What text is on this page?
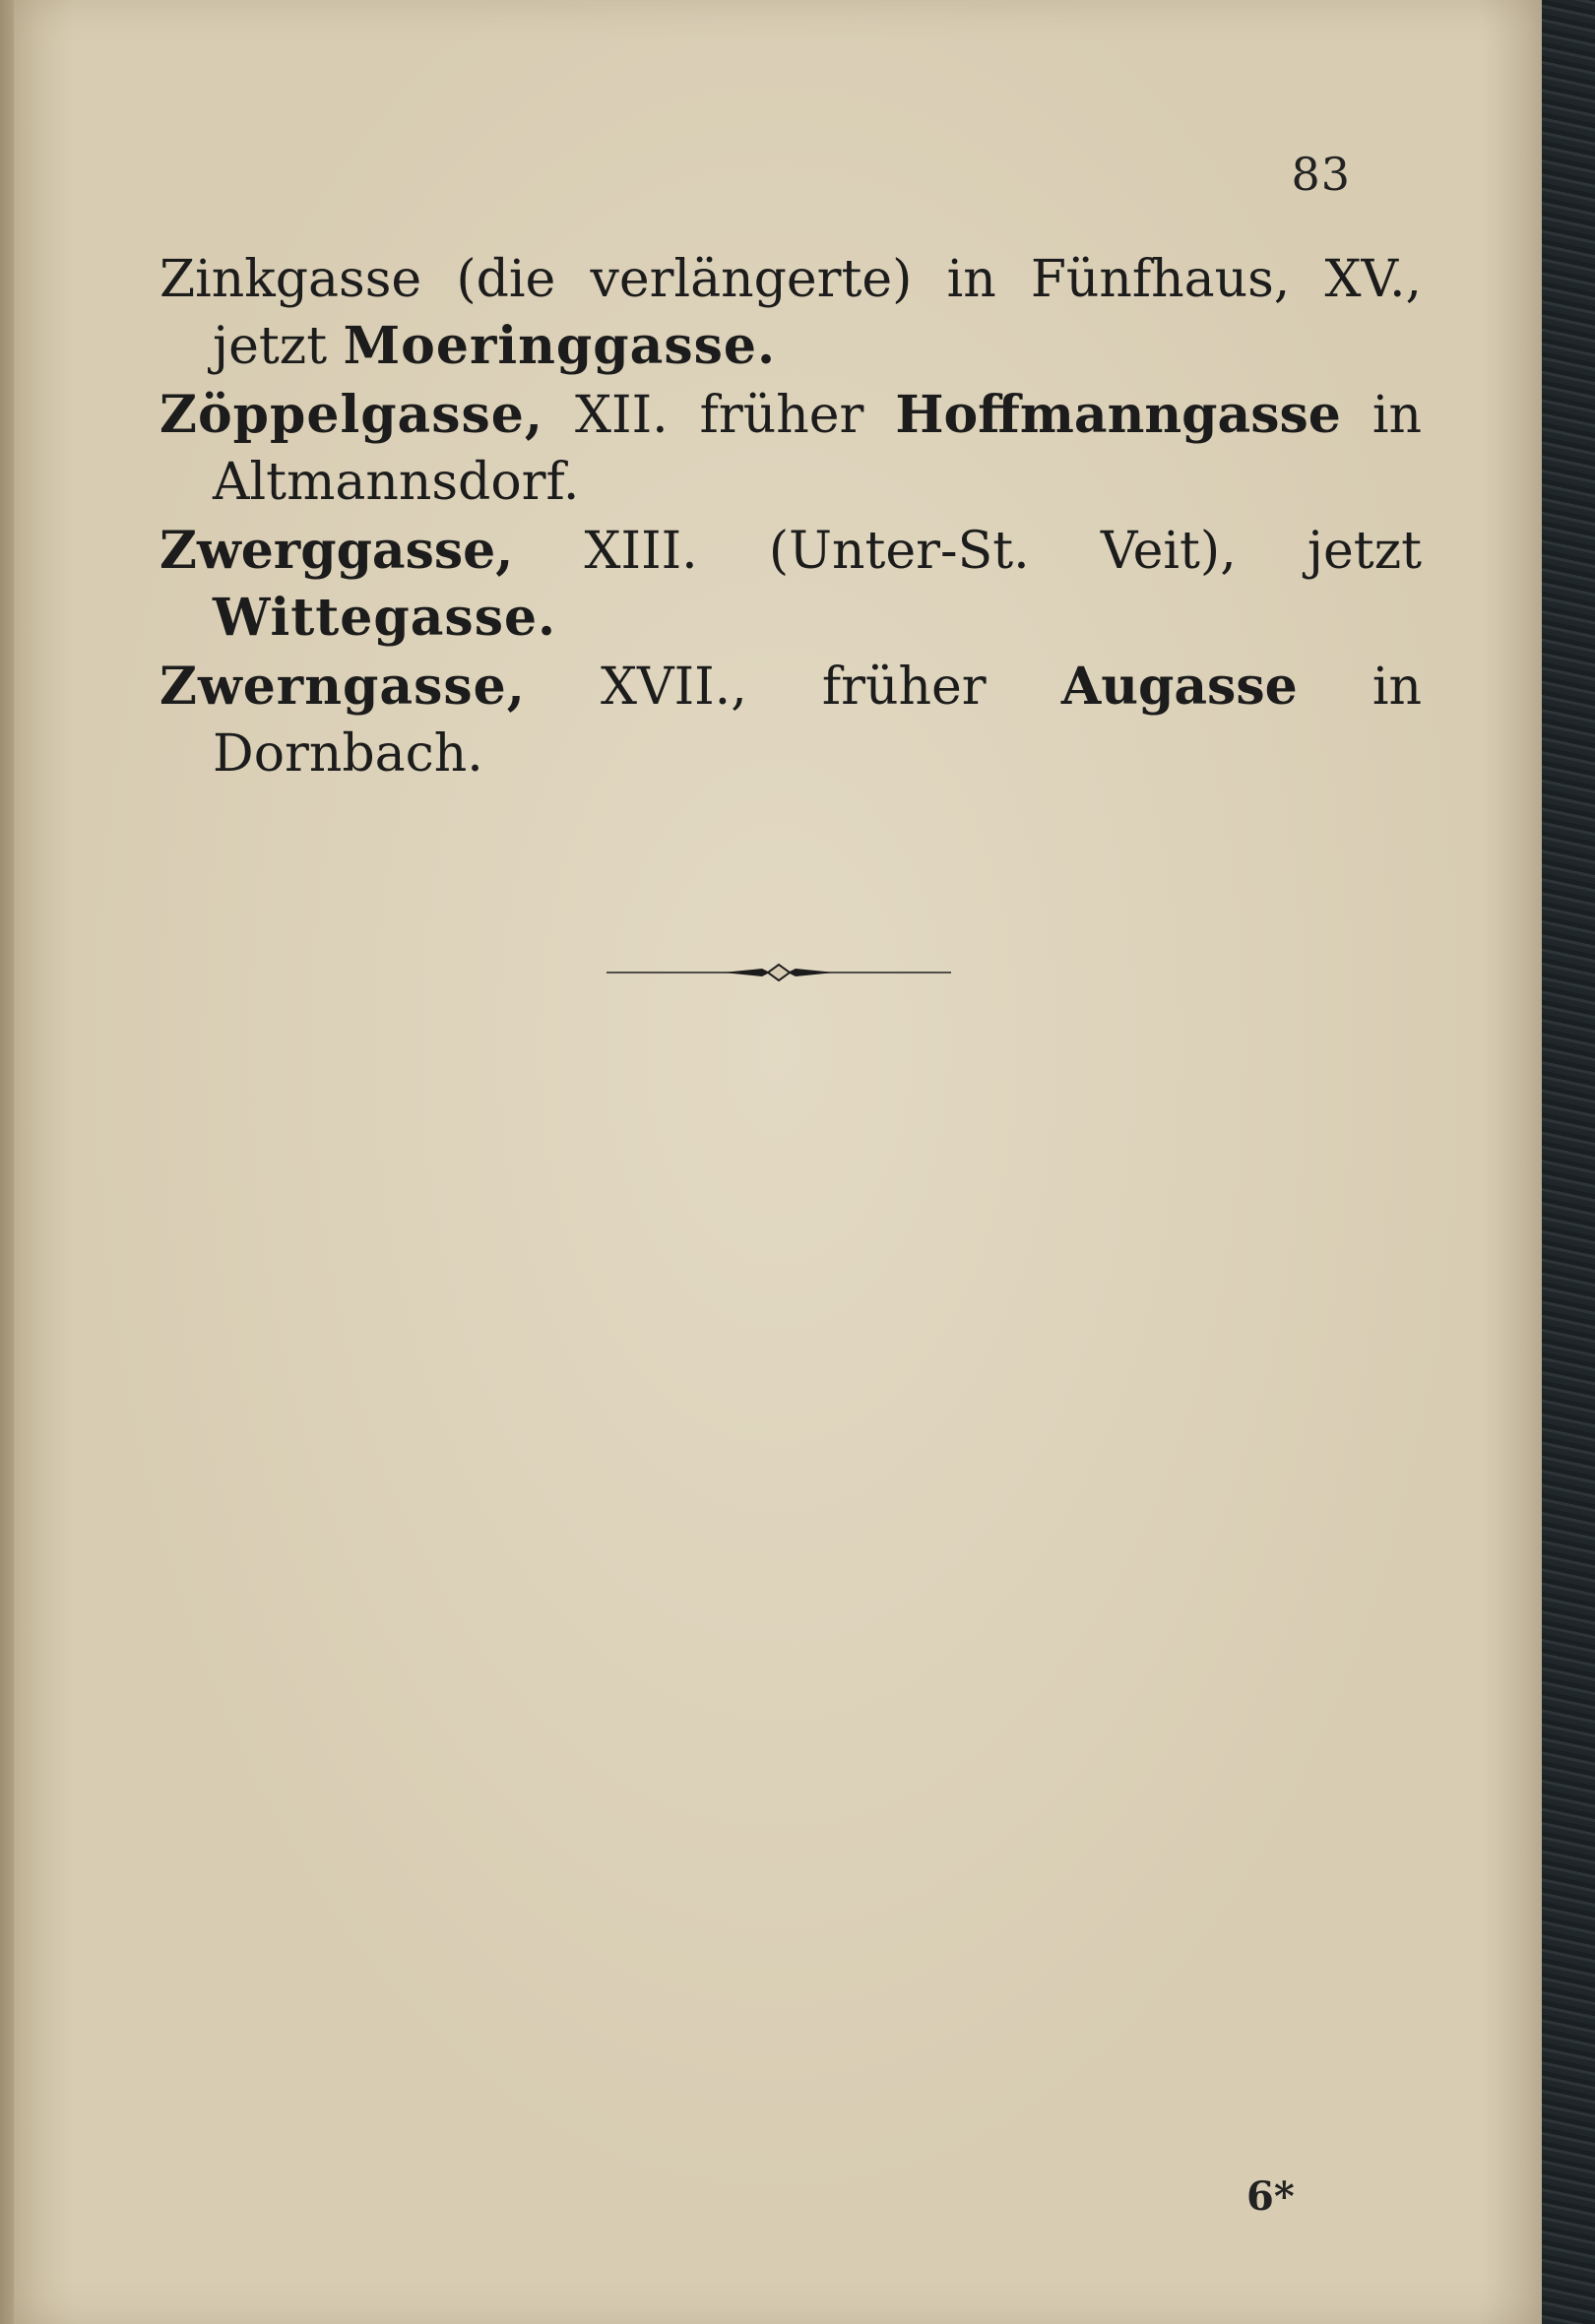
83

Zinkgasse (die verlängerte) in Fünfhaus, XV., jetzt Moeringgasse.

Zöppelgasse, XII. früher Hoffmanngasse in Altmannsdorf.

Zwerggasse, XIII. (Unter-St. Veit), jetzt Wittegasse.

Zwerngasse, XVII., früher Augasse in Dornbach.

6*
